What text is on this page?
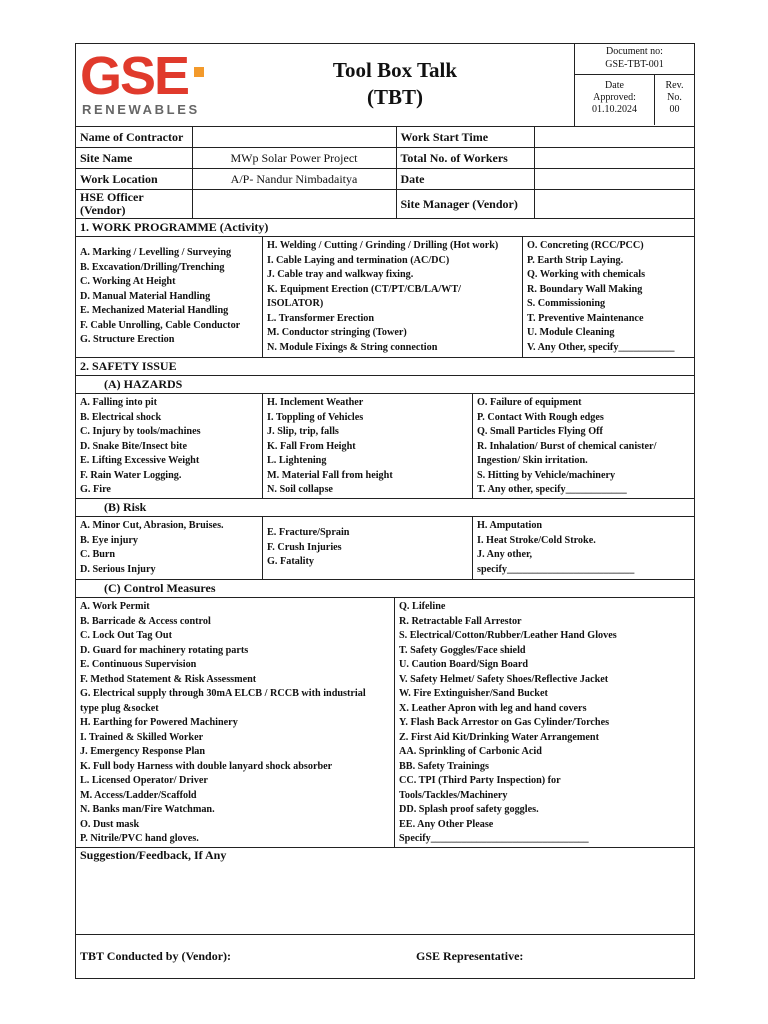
GSE
RENEWABLES
Tool Box Talk
(TBT)
Document no:
GSE-TBT-001
Date
Approved:
01.10.2024
Rev.
No.
00
Name of Contractor		Work Start Time	
Site Name	MWp Solar Power Project	Total No. of Workers	
Work Location	A/P- Nandur Nimbadaitya	Date	

HSE Officer
(Vendor)		Site Manager (Vendor)	
1. WORK PROGRAMME (Activity)
A. Marking / Levelling / Surveying
B. Excavation/Drilling/Trenching
C. Working At Height
D. Manual Material Handling
E. Mechanized Material Handling
F. Cable Unrolling, Cable Conductor
G. Structure Erection
H. Welding / Cutting / Grinding / Drilling (Hot work)
I. Cable Laying and termination (AC/DC)
J. Cable tray and walkway fixing.
K. Equipment Erection (CT/PT/CB/LA/WT/
ISOLATOR)
L. Transformer Erection
M. Conductor stringing (Tower)
N. Module Fixings & String connection
O. Concreting (RCC/PCC)
P. Earth Strip Laying.
Q. Working with chemicals
R. Boundary Wall Making
S. Commissioning
T. Preventive Maintenance
U. Module Cleaning
V. Any Other, specify___________
2. SAFETY ISSUE
(A) HAZARDS
A. Falling into pit
B. Electrical shock
C. Injury by tools/machines
D. Snake Bite/Insect bite
E. Lifting Excessive Weight
F. Rain Water Logging.
G. Fire
H. Inclement Weather
I. Toppling of Vehicles
J. Slip, trip, falls
K. Fall From Height
L. Lightening
M. Material Fall from height
N. Soil collapse
O. Failure of equipment
P. Contact With Rough edges
Q. Small Particles Flying Off
R. Inhalation/ Burst of chemical canister/
Ingestion/ Skin irritation.
S. Hitting by Vehicle/machinery
T. Any other, specify____________
(B) Risk
A. Minor Cut, Abrasion, Bruises.
B. Eye injury
C. Burn
D. Serious Injury
E. Fracture/Sprain
F. Crush Injuries
G. Fatality
H. Amputation
I. Heat Stroke/Cold Stroke.
J. Any other,
specify_________________________
(C) Control Measures
A. Work Permit
B. Barricade & Access control
C. Lock Out Tag Out
D. Guard for machinery rotating parts
E. Continuous Supervision
F. Method Statement & Risk Assessment
G. Electrical supply through 30mA ELCB / RCCB with industrial
type plug &socket
H. Earthing for Powered Machinery
I. Trained & Skilled Worker
J. Emergency Response Plan
K. Full body Harness with double lanyard shock absorber
L. Licensed Operator/ Driver
M. Access/Ladder/Scaffold
N. Banks man/Fire Watchman.
O. Dust mask
P. Nitrile/PVC hand gloves.
Q. Lifeline
R. Retractable Fall Arrestor
S. Electrical/Cotton/Rubber/Leather Hand Gloves
T. Safety Goggles/Face shield
U. Caution Board/Sign Board
V. Safety Helmet/ Safety Shoes/Reflective Jacket
W. Fire Extinguisher/Sand Bucket
X. Leather Apron with leg and hand covers
Y. Flash Back Arrestor on Gas Cylinder/Torches
Z. First Aid Kit/Drinking Water Arrangement
AA. Sprinkling of Carbonic Acid
BB. Safety Trainings
CC. TPI (Third Party Inspection) for
Tools/Tackles/Machinery
DD. Splash proof safety goggles.
EE. Any Other Please
Specify_______________________________
Suggestion/Feedback, If Any
TBT Conducted by (Vendor):	GSE Representative:
